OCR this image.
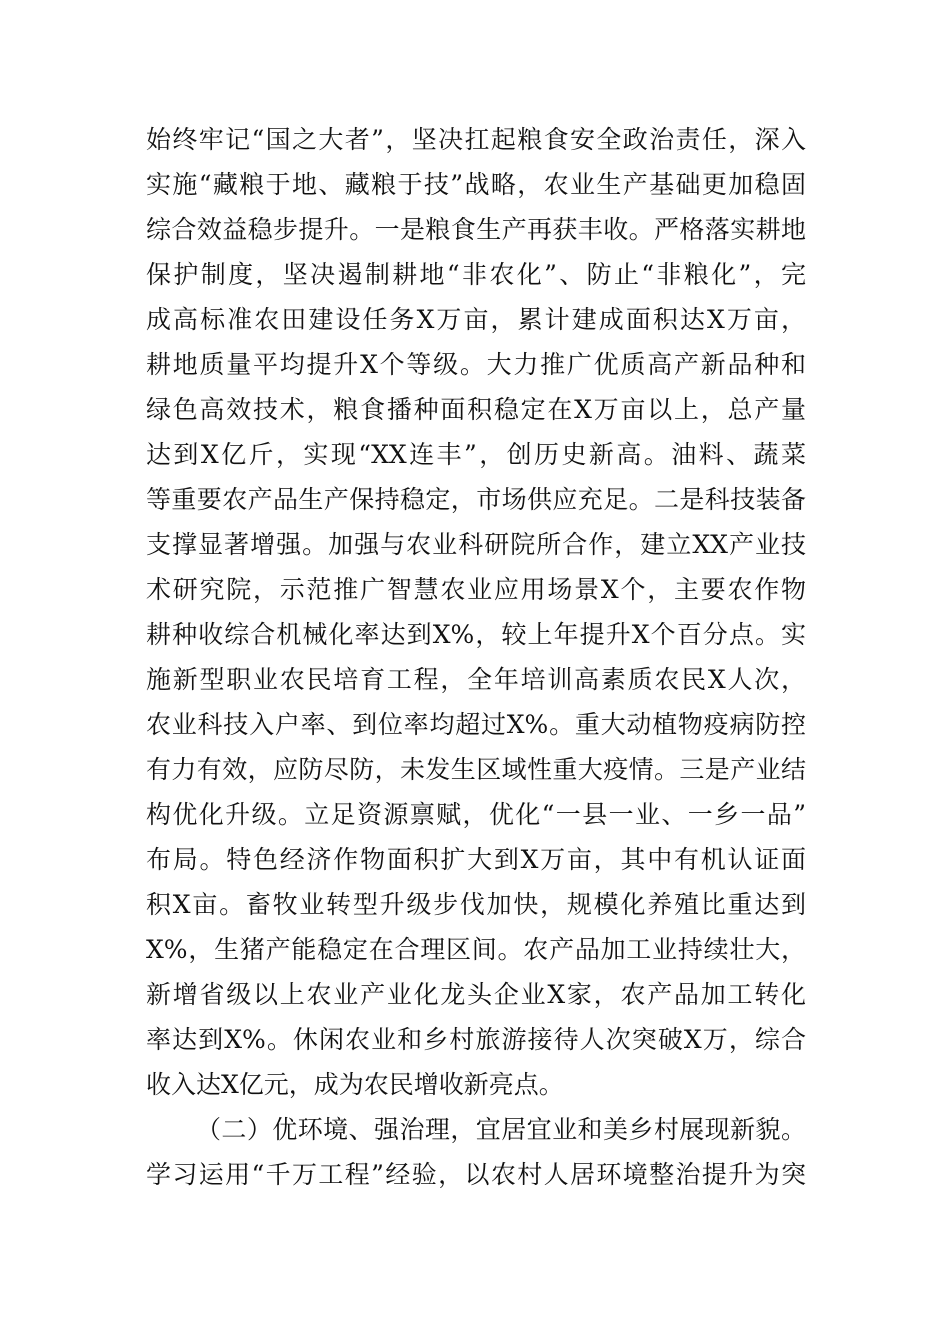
始终牢记“国之大者”，坚决扛起粮食安全政治责任，深入
实施“藏粮于地、藏粮于技”战略，农业生产基础更加稳固
综合效益稳步提升。一是粮食生产再获丰收。严格落实耕地
保护制度，坚决遏制耕地“非农化”、防止“非粮化”，完
成高标准农田建设任务X万亩，累计建成面积达X万亩，
耕地质量平均提升X个等级。大力推广优质高产新品种和
绿色高效技术，粮食播种面积稳定在X万亩以上，总产量
达到X亿斤，实现“XX连丰”，创历史新高。油料、蔬菜
等重要农产品生产保持稳定，市场供应充足。二是科技装备
支撑显著增强。加强与农业科研院所合作，建立XX产业技
术研究院，示范推广智慧农业应用场景X个，主要农作物
耕种收综合机械化率达到X%，较上年提升X个百分点。实
施新型职业农民培育工程，全年培训高素质农民X人次，
农业科技入户率、到位率均超过X%。重大动植物疫病防控
有力有效，应防尽防，未发生区域性重大疫情。三是产业结
构优化升级。立足资源禀赋，优化“一县一业、一乡一品”
布局。特色经济作物面积扩大到X万亩，其中有机认证面
积X亩。畜牧业转型升级步伐加快，规模化养殖比重达到
X%，生猪产能稳定在合理区间。农产品加工业持续壮大，
新增省级以上农业产业化龙头企业X家，农产品加工转化
率达到X%。休闲农业和乡村旅游接待人次突破X万，综合
收入达X亿元，成为农民增收新亮点。
（二）优环境、强治理，宜居宜业和美乡村展现新貌。
学习运用“千万工程”经验，以农村人居环境整治提升为突
